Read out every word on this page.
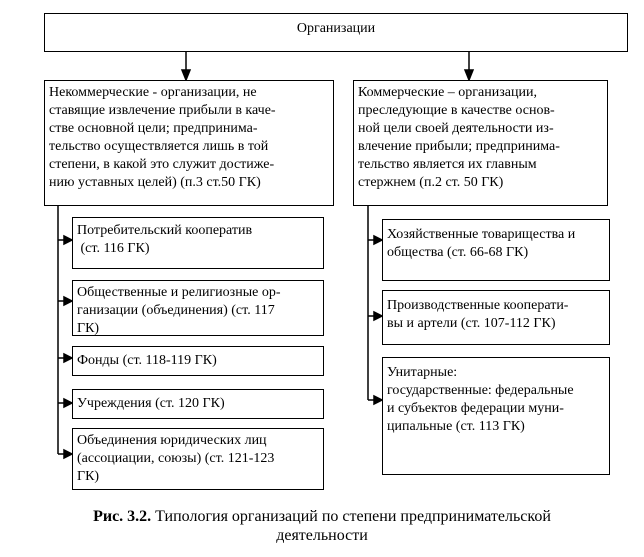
Организации
Некоммерческие - организации, не
ставящие извлечение прибыли в каче-
стве основной цели; предпринима-
тельство осуществляется лишь в той
степени, в какой это служит достиже-
нию уставных целей) (п.3 ст.50 ГК)
Коммерческие – организации,
преследующие в качестве основ-
ной цели своей деятельности из-
влечение прибыли; предпринима-
тельство является их главным
стержнем (п.2 ст. 50 ГК)
Потребительский кооператив
(ст. 116 ГК)
Общественные и религиозные ор-
ганизации (объединения) (ст. 117
ГК)
Фонды (ст. 118-119 ГК)
Учреждения (ст. 120 ГК)
Объединения юридических лиц
(ассоциации, союзы) (ст. 121-123
ГК)
Хозяйственные товарищества и
общества (ст. 66-68 ГК)
Производственные кооперати-
вы и артели (ст. 107-112 ГК)
Унитарные:
государственные: федеральные
и субъектов федерации муни-
ципальные (ст. 113 ГК)
Рис. 3.2. Типология организаций по степени предпринимательской
деятельности
